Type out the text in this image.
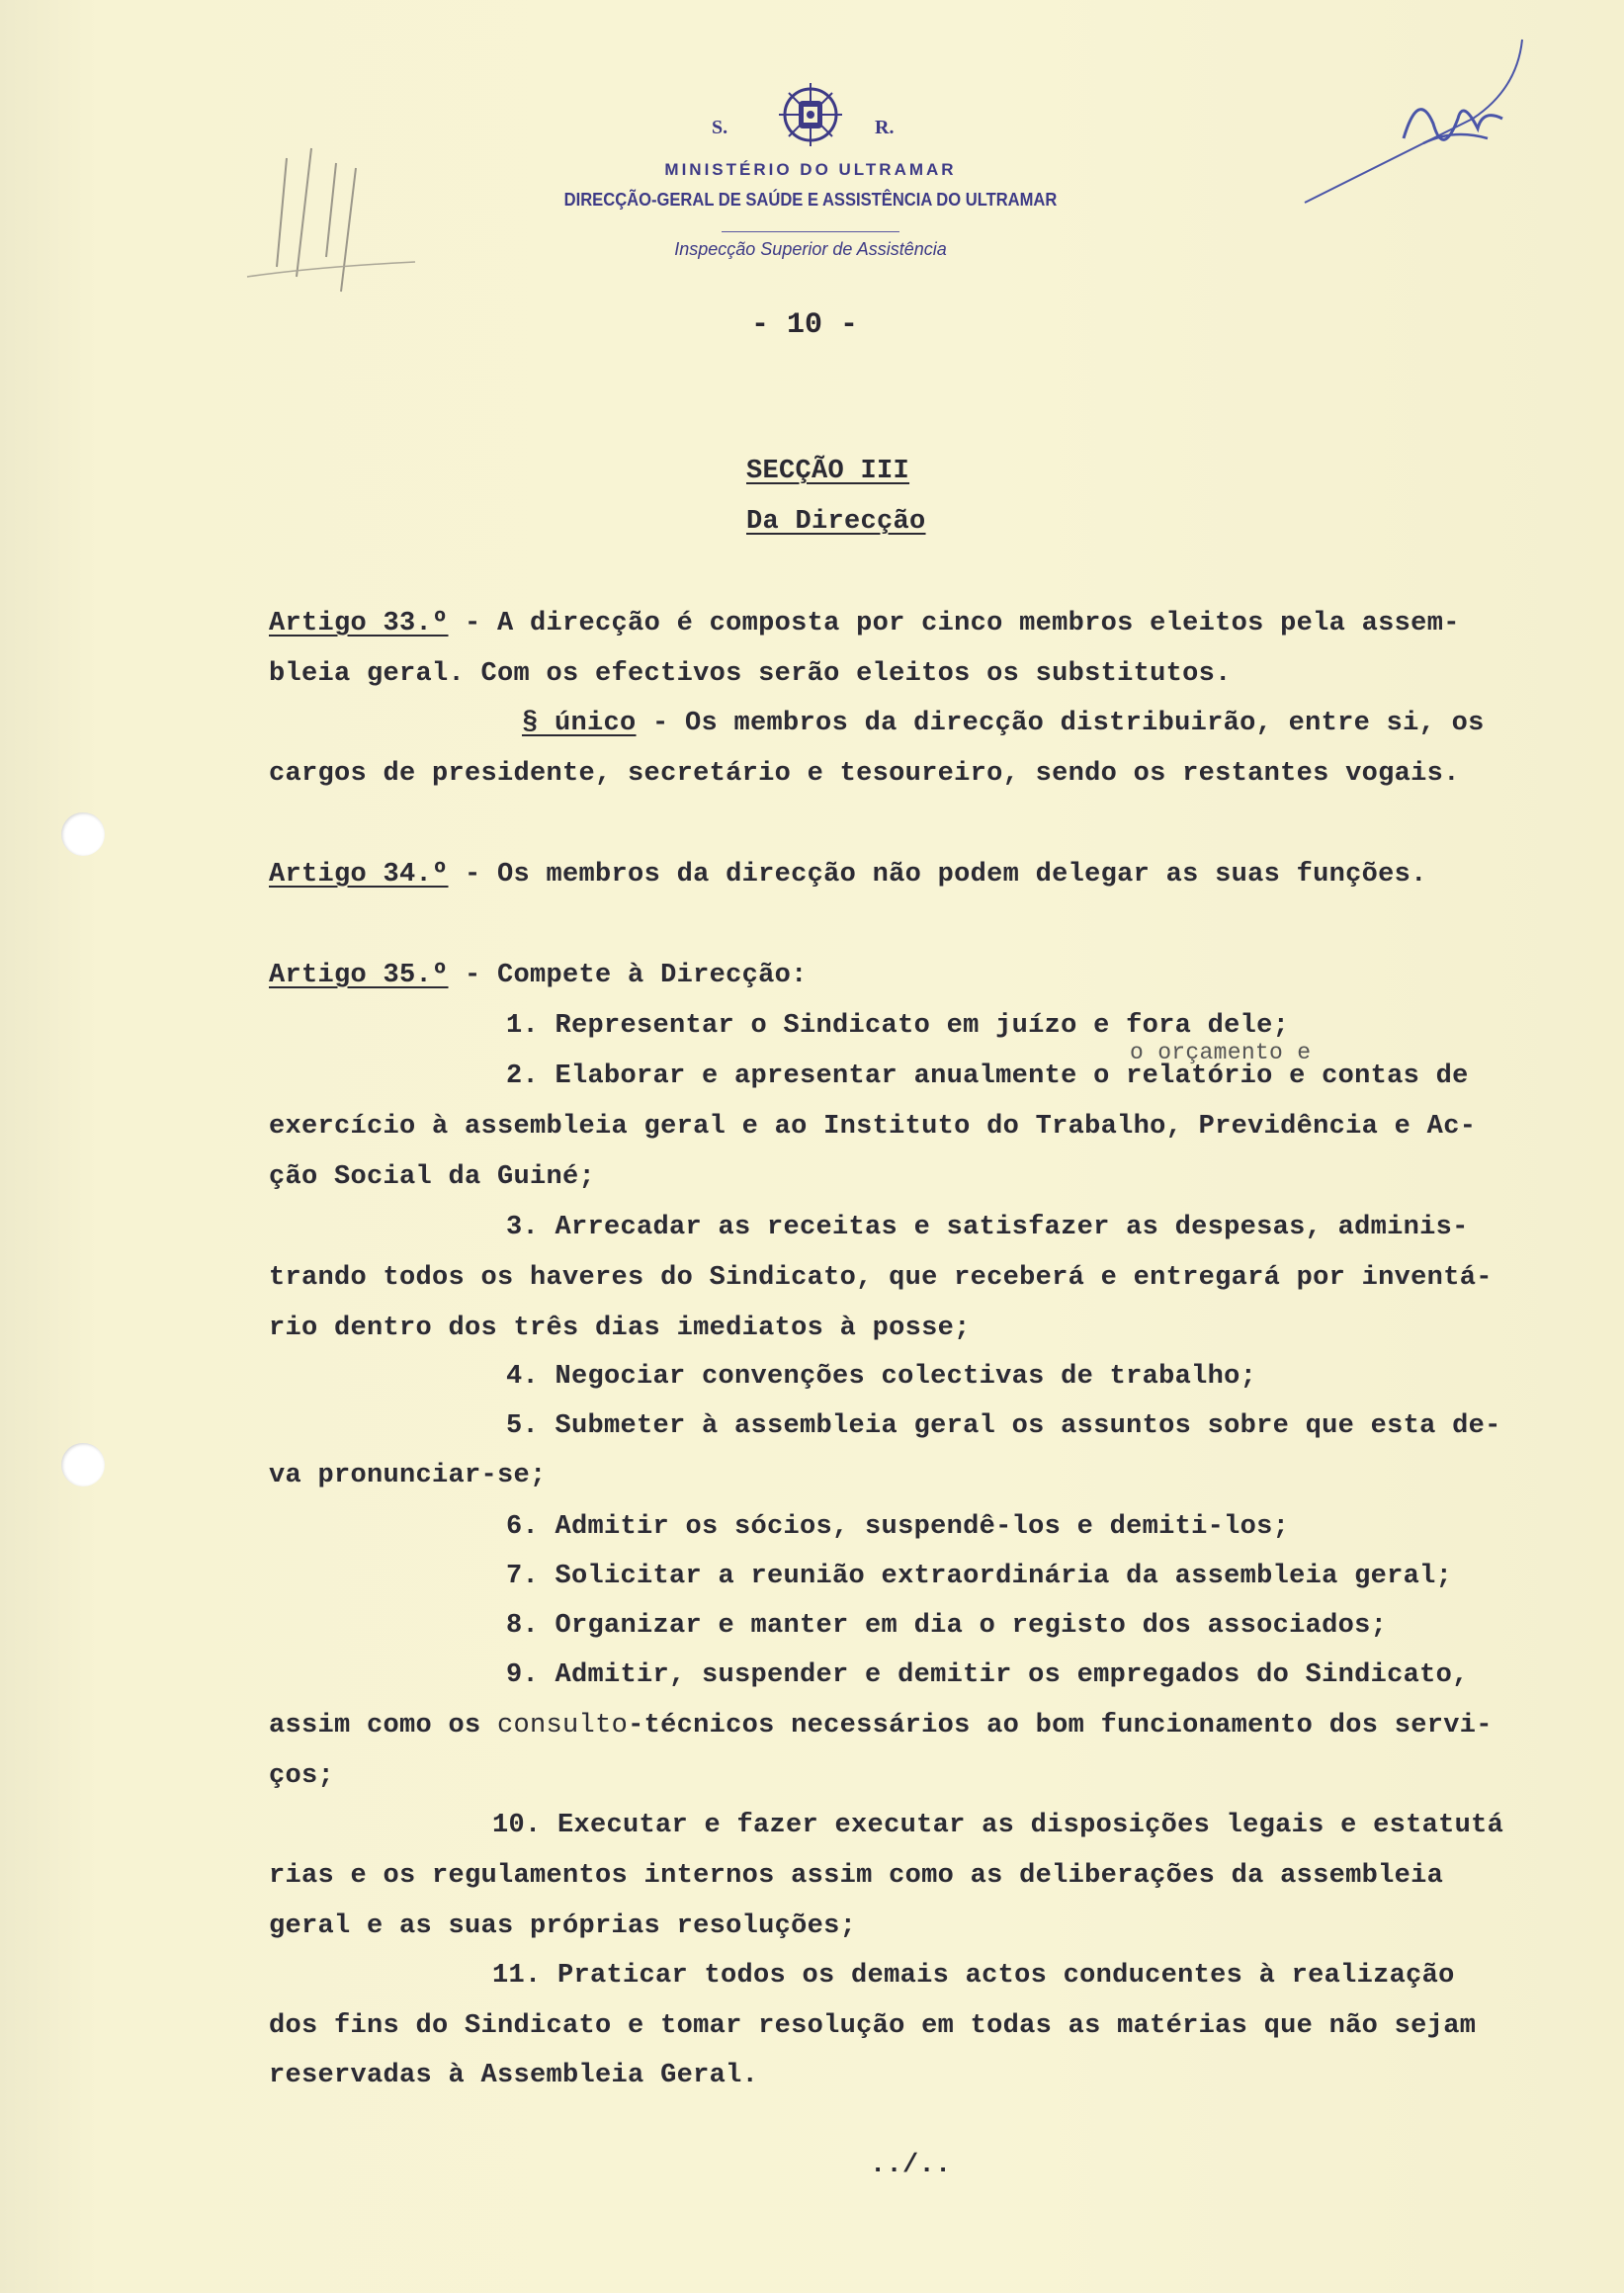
S.	R.
MINISTÉRIO DO ULTRAMAR
DIRECÇÃO-GERAL DE SAÚDE E ASSISTÊNCIA DO ULTRAMAR
Inspecção Superior de Assistência
- 10 -
SECÇÃO III
Da Direcção
Artigo 33.º - A direcção é composta por cinco membros eleitos pela assem-
bleia geral. Com os efectivos serão eleitos os substitutos.
§ único - Os membros da direcção distribuirão, entre si, os
cargos de presidente, secretário e tesoureiro, sendo os restantes vogais.
Artigo 34.º - Os membros da direcção não podem delegar as suas funções.
Artigo 35.º - Compete à Direcção:
1. Representar o Sindicato em juízo e fora dele;
o orçamento e
2. Elaborar e apresentar anualmente o relatório e contas de
exercício à assembleia geral e ao Instituto do Trabalho, Previdência e Ac-
ção Social da Guiné;
3. Arrecadar as receitas e satisfazer as despesas, adminis-
trando todos os haveres do Sindicato, que receberá e entregará por inventá-
rio dentro dos três dias imediatos à posse;
4. Negociar convenções colectivas de trabalho;
5. Submeter à assembleia geral os assuntos sobre que esta de-
va pronunciar-se;
6. Admitir os sócios, suspendê-los e demiti-los;
7. Solicitar a reunião extraordinária da assembleia geral;
8. Organizar e manter em dia o registo dos associados;
9. Admitir, suspender e demitir os empregados do Sindicato,
assim como os consulto-técnicos necessários ao bom funcionamento dos servi-
ços;
10. Executar e fazer executar as disposições legais e estatutá
rias e os regulamentos internos assim como as deliberações da assembleia
geral e as suas próprias resoluções;
11. Praticar todos os demais actos conducentes à realização
dos fins do Sindicato e tomar resolução em todas as matérias que não sejam
reservadas à Assembleia Geral.
../..
